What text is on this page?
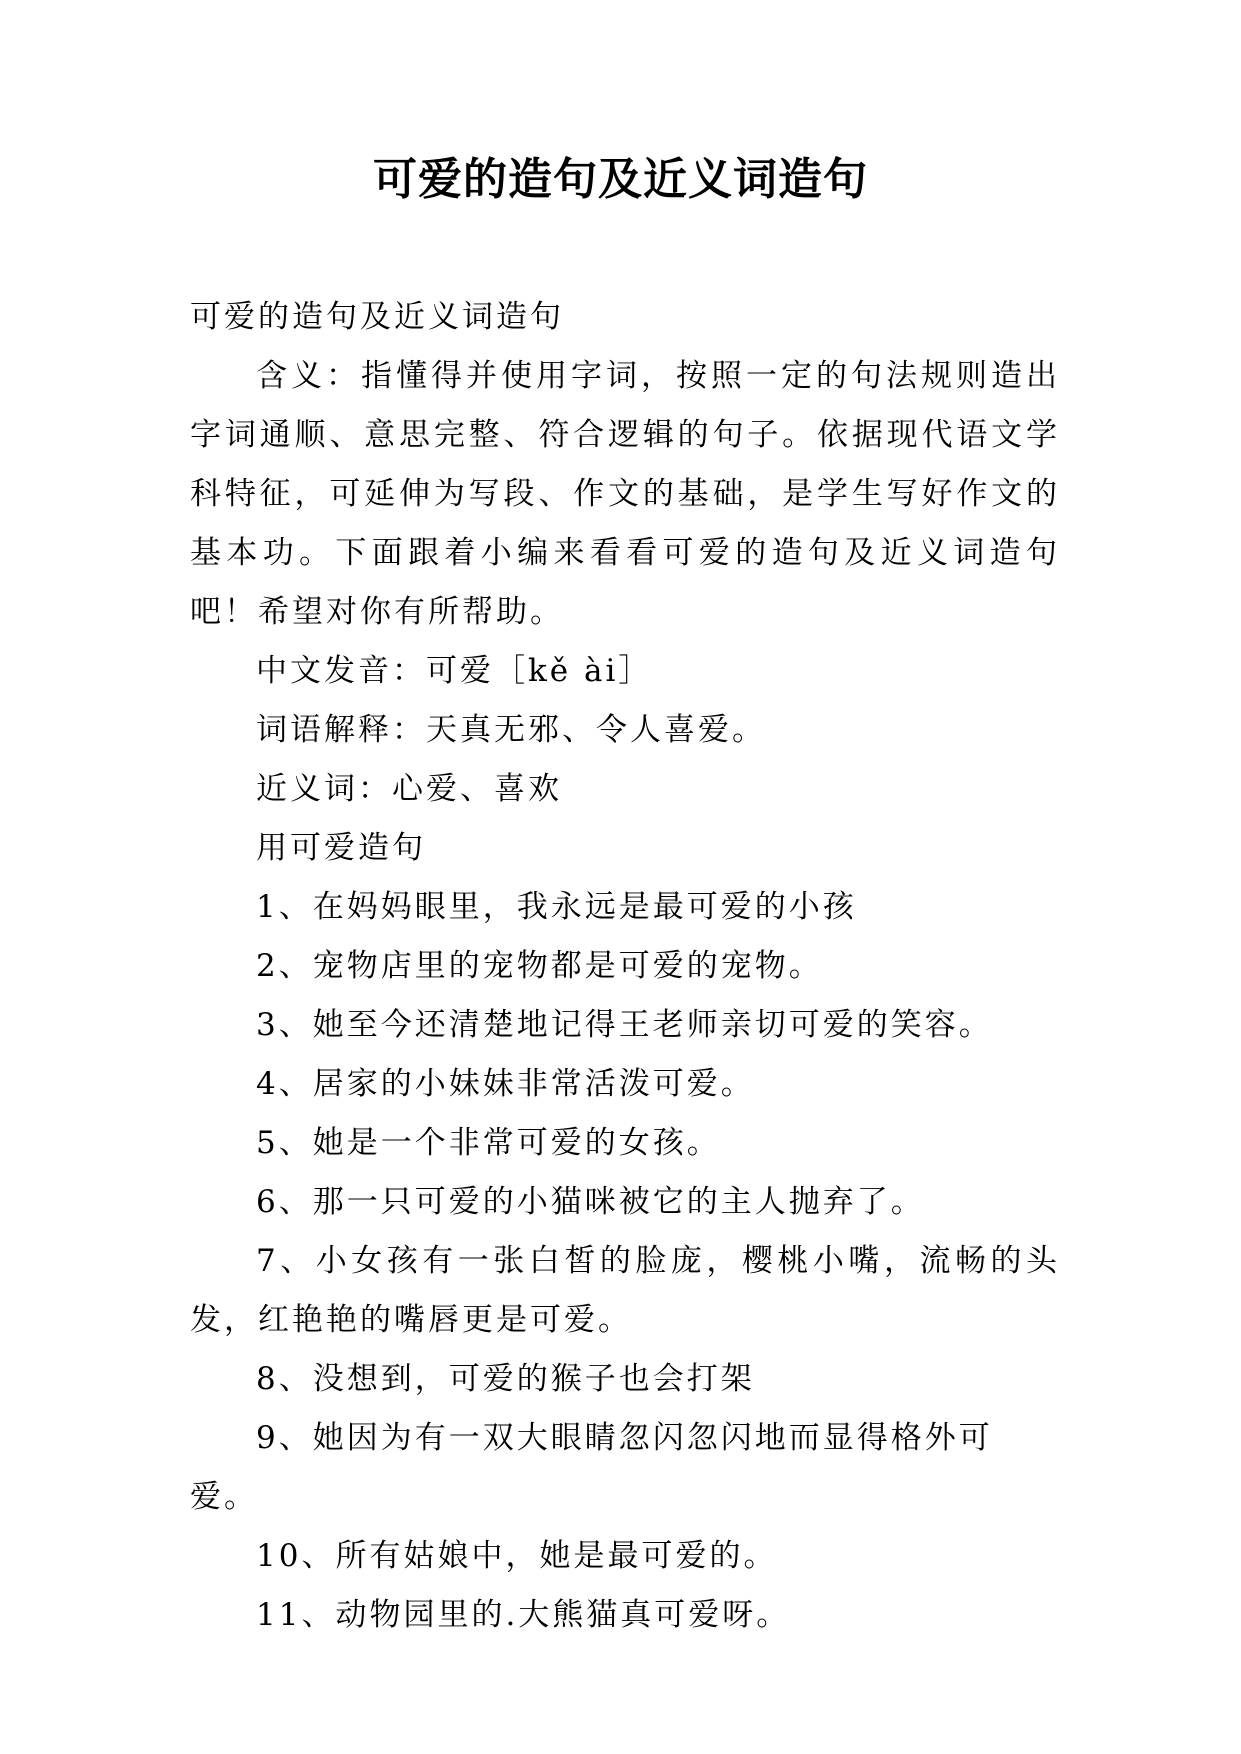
可爱的造句及近义词造句

可爱的造句及近义词造句

含义：指懂得并使用字词，按照一定的句法规则造出字词通顺、意思完整、符合逻辑的句子。依据现代语文学科特征，可延伸为写段、作文的基础，是学生写好作文的基本功。下面跟着小编来看看可爱的造句及近义词造句吧！希望对你有所帮助。

中文发音：可爱［kě ài］

词语解释：天真无邪、令人喜爱。

近义词：心爱、喜欢

用可爱造句

1、在妈妈眼里，我永远是最可爱的小孩

2、宠物店里的宠物都是可爱的宠物。

3、她至今还清楚地记得王老师亲切可爱的笑容。

4、居家的小妹妹非常活泼可爱。

5、她是一个非常可爱的女孩。

6、那一只可爱的小猫咪被它的主人抛弃了。

7、小女孩有一张白皙的脸庞，樱桃小嘴，流畅的头发，红艳艳的嘴唇更是可爱。

8、没想到，可爱的猴子也会打架

9、她因为有一双大眼睛忽闪忽闪地而显得格外可爱。

10、所有姑娘中，她是最可爱的。

11、动物园里的.大熊猫真可爱呀。
